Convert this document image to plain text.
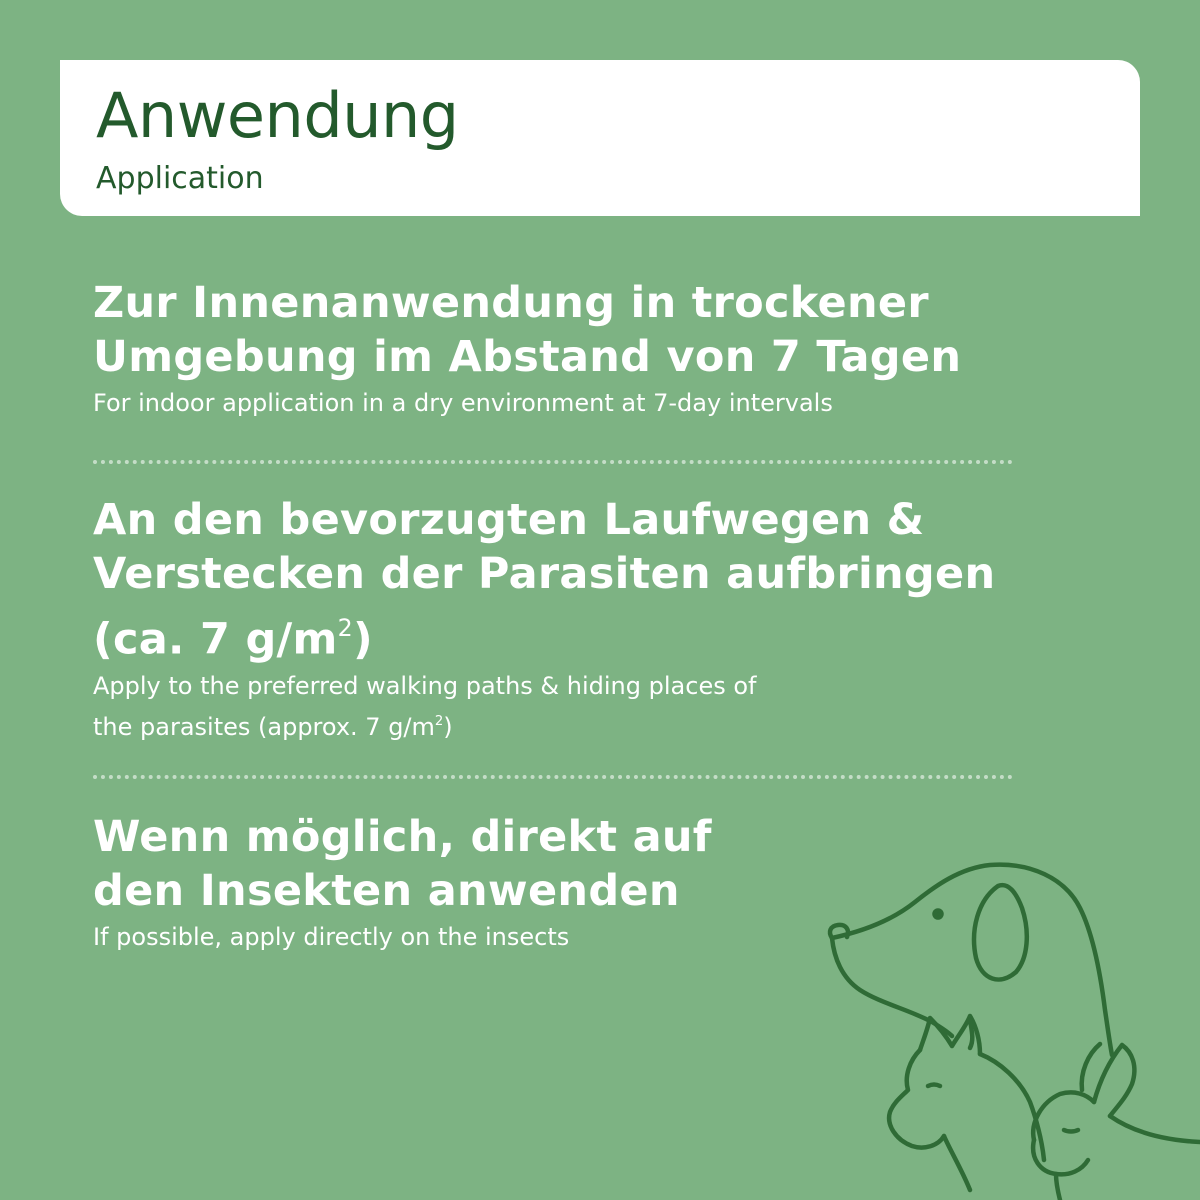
Anwendung
Application

Zur Innenanwendung in trockener
Umgebung im Abstand von 7 Tagen

For indoor application in a dry environment at 7-day intervals

An den bevorzugten Laufwegen &
Verstecken der Parasiten aufbringen
(ca. 7 $g/m^2$)

Apply to the preferred walking paths & hiding places of
the parasites (approx. 7 $g/m^2$)

Wenn möglich, direkt auf
den Insekten anwenden

If possible, apply directly on the insects
